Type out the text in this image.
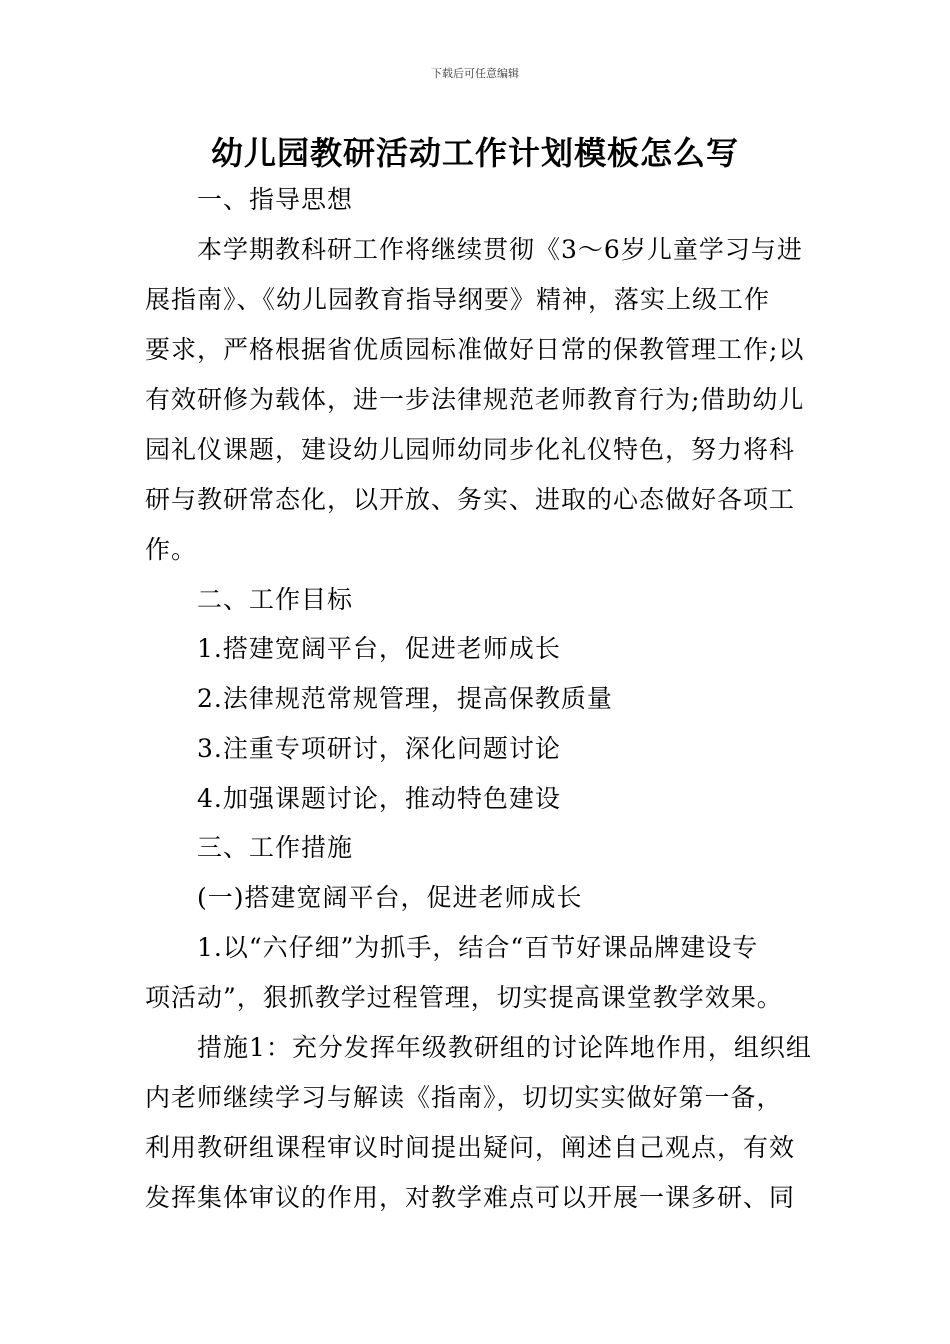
下载后可任意编辑
幼儿园教研活动工作计划模板怎么写
一、指导思想
本学期教科研工作将继续贯彻《3～6岁儿童学习与进
展指南》、《幼儿园教育指导纲要》精神，落实上级工作
要求，严格根据省优质园标准做好日常的保教管理工作;以
有效研修为载体，进一步法律规范老师教育行为;借助幼儿
园礼仪课题，建设幼儿园师幼同步化礼仪特色，努力将科
研与教研常态化，以开放、务实、进取的心态做好各项工
作。
二、工作目标
1.搭建宽阔平台，促进老师成长
2.法律规范常规管理，提高保教质量
3.注重专项研讨，深化问题讨论
4.加强课题讨论，推动特色建设
三、工作措施
(一)搭建宽阔平台，促进老师成长
1.以“六仔细”为抓手，结合“百节好课品牌建设专
项活动”，狠抓教学过程管理，切实提高课堂教学效果。
措施1：充分发挥年级教研组的讨论阵地作用，组织组
内老师继续学习与解读《指南》，切切实实做好第一备，
利用教研组课程审议时间提出疑问，阐述自己观点，有效
发挥集体审议的作用，对教学难点可以开展一课多研、同
